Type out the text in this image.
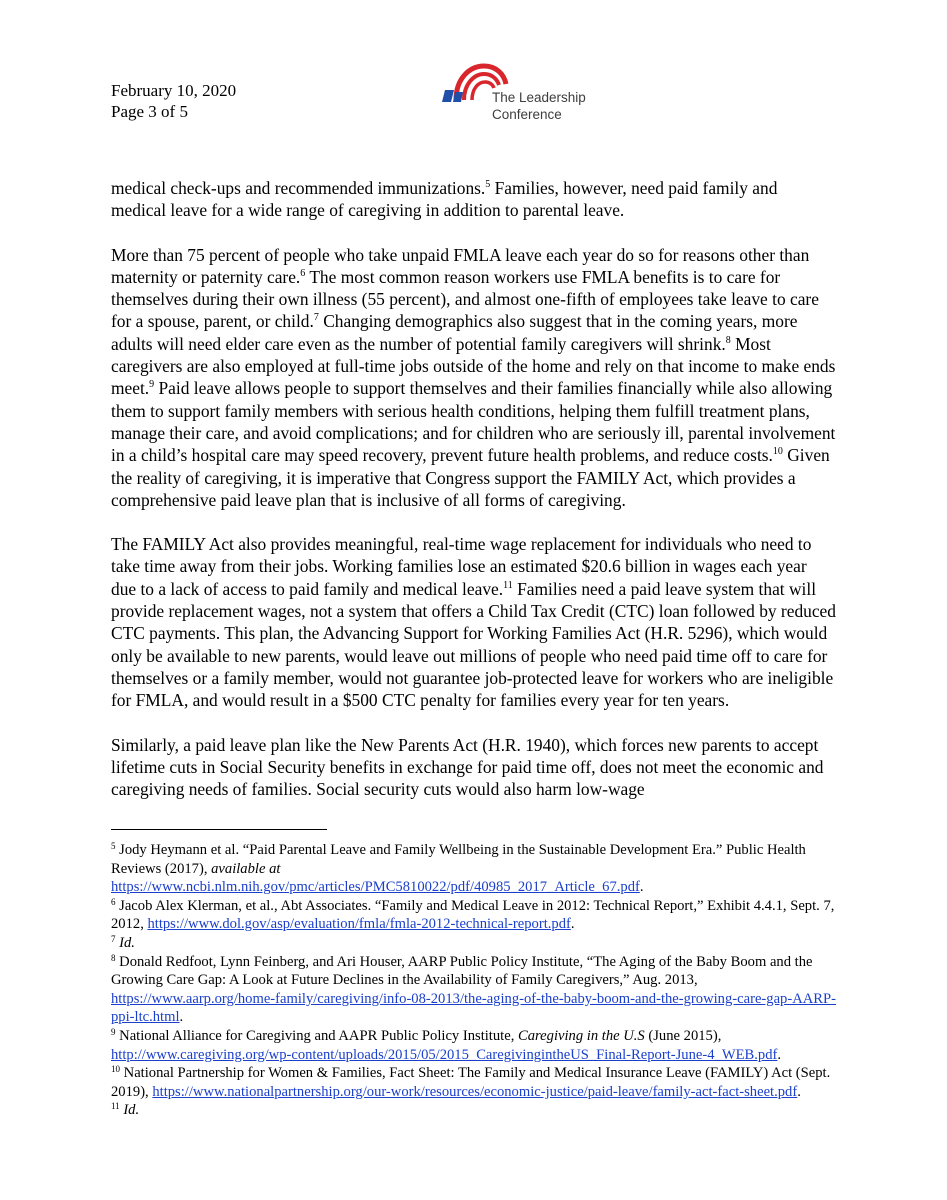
February 10, 2020
Page 3 of 5
The Leadership
Conference

medical check-ups and recommended immunizations.$^5$ Families, however, need paid family and medical leave for a wide range of caregiving in addition to parental leave.

More than 75 percent of people who take unpaid FMLA leave each year do so for reasons other than maternity or paternity care.$^6$ The most common reason workers use FMLA benefits is to care for themselves during their own illness (55 percent), and almost one-fifth of employees take leave to care for a spouse, parent, or child.$^7$ Changing demographics also suggest that in the coming years, more adults will need elder care even as the number of potential family caregivers will shrink.$^8$ Most caregivers are also employed at full-time jobs outside of the home and rely on that income to make ends meet.$^9$ Paid leave allows people to support themselves and their families financially while also allowing them to support family members with serious health conditions, helping them fulfill treatment plans, manage their care, and avoid complications; and for children who are seriously ill, parental involvement in a child’s hospital care may speed recovery, prevent future health problems, and reduce costs.$^{10}$ Given the reality of caregiving, it is imperative that Congress support the FAMILY Act, which provides a comprehensive paid leave plan that is inclusive of all forms of caregiving.

The FAMILY Act also provides meaningful, real-time wage replacement for individuals who need to take time away from their jobs. Working families lose an estimated $20.6 billion in wages each year due to a lack of access to paid family and medical leave.$^{11}$ Families need a paid leave system that will provide replacement wages, not a system that offers a Child Tax Credit (CTC) loan followed by reduced CTC payments. This plan, the Advancing Support for Working Families Act (H.R. 5296), which would only be available to new parents, would leave out millions of people who need paid time off to care for themselves or a family member, would not guarantee job-protected leave for workers who are ineligible for FMLA, and would result in a $500 CTC penalty for families every year for ten years.

Similarly, a paid leave plan like the New Parents Act (H.R. 1940), which forces new parents to accept lifetime cuts in Social Security benefits in exchange for paid time off, does not meet the economic and caregiving needs of families. Social security cuts would also harm low-wage

$^5$ Jody Heymann et al. “Paid Parental Leave and Family Wellbeing in the Sustainable Development Era.” Public Health Reviews (2017), available at
https://www.ncbi.nlm.nih.gov/pmc/articles/PMC5810022/pdf/40985_2017_Article_67.pdf.

$^6$ Jacob Alex Klerman, et al., Abt Associates. “Family and Medical Leave in 2012: Technical Report,” Exhibit 4.4.1, Sept. 7, 2012, https://www.dol.gov/asp/evaluation/fmla/fmla-2012-technical-report.pdf.

$^7$ Id.

$^8$ Donald Redfoot, Lynn Feinberg, and Ari Houser, AARP Public Policy Institute, “The Aging of the Baby Boom and the Growing Care Gap: A Look at Future Declines in the Availability of Family Caregivers,” Aug. 2013, https://www.aarp.org/home-family/caregiving/info-08-2013/the-aging-of-the-baby-boom-and-the-growing-care-gap-AARP-ppi-ltc.html.

$^9$ National Alliance for Caregiving and AAPR Public Policy Institute, Caregiving in the U.S (June 2015), http://www.caregiving.org/wp-content/uploads/2015/05/2015_CaregivingintheUS_Final-Report-June-4_WEB.pdf.

$^{10}$ National Partnership for Women & Families, Fact Sheet: The Family and Medical Insurance Leave (FAMILY) Act (Sept. 2019), https://www.nationalpartnership.org/our-work/resources/economic-justice/paid-leave/family-act-fact-sheet.pdf.

$^{11}$ Id.
